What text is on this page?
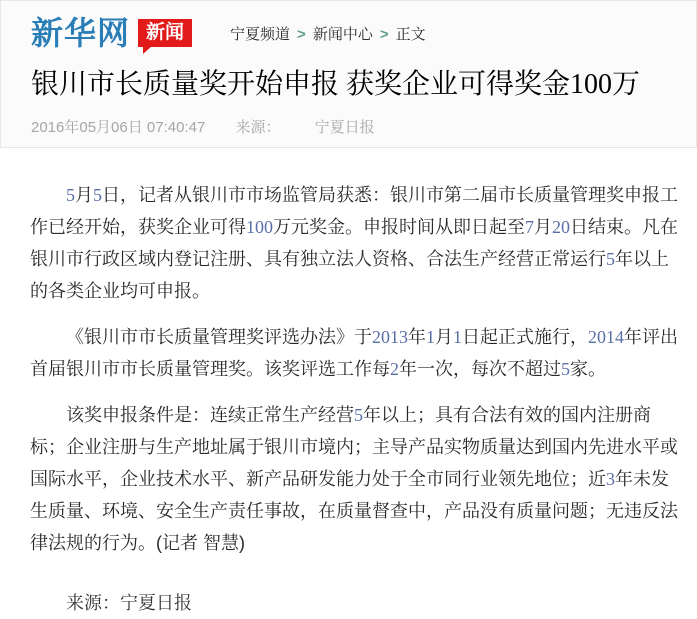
新华网 新闻	宁夏频道 > 新闻中心 > 正文
银川市长质量奖开始申报 获奖企业可得奖金100万
2016年05月06日 07:40:47 来源： 宁夏日报

5月5日，记者从银川市市场监管局获悉：银川市第二届市长质量管理奖申报工作已经开始，获奖企业可得100万元奖金。申报时间从即日起至7月20日结束。凡在银川市行政区域内登记注册、具有独立法人资格、合法生产经营正常运行5年以上的各类企业均可申报。

《银川市市长质量管理奖评选办法》于2013年1月1日起正式施行，2014年评出首届银川市市长质量管理奖。该奖评选工作每2年一次，每次不超过5家。

该奖申报条件是：连续正常生产经营5年以上；具有合法有效的国内注册商标；企业注册与生产地址属于银川市境内；主导产品实物质量达到国内先进水平或国际水平，企业技术水平、新产品研发能力处于全市同行业领先地位；近3年未发生质量、环境、安全生产责任事故，在质量督查中，产品没有质量问题；无违反法律法规的行为。(记者 智慧)

来源：宁夏日报
